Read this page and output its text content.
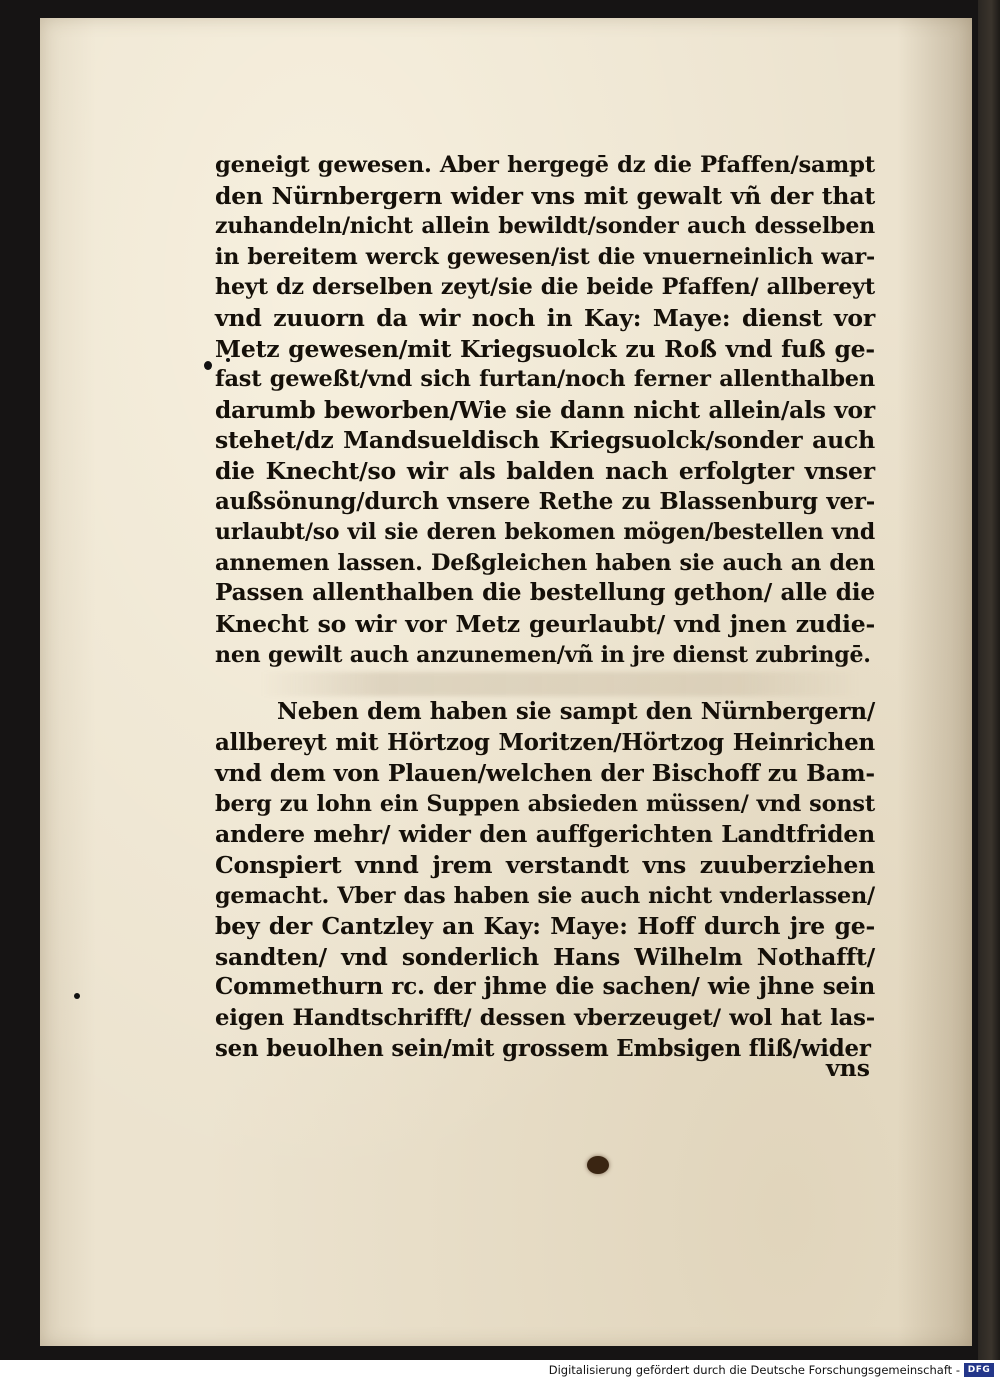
geneigt gewesen. Aber hergegē dz die Pfaffen/sampt
den Nürnbergern wider vns mit gewalt vñ der that
zuhandeln/nicht allein bewildt/sonder auch desselben
in bereitem werck gewesen/ist die vnuerneinlich war-
heyt dz derselben zeyt/sie die beide Pfaffen/ allbereyt
vnd zuuorn da wir noch in Kay: Maye: dienst vor
Metz gewesen/mit Kriegsuolck zu Roß vnd fuß ge-
fast geweßt/vnd sich furtan/noch ferner allenthalben
darumb beworben/Wie sie dann nicht allein/als vor
stehet/dz Mandsueldisch Kriegsuolck/sonder auch
die Knecht/so wir als balden nach erfolgter vnser
außsönung/durch vnsere Rethe zu Blassenburg ver-
urlaubt/so vil sie deren bekomen mögen/bestellen vnd
annemen lassen. Deßgleichen haben sie auch an den
Passen allenthalben die bestellung gethon/ alle die
Knecht so wir vor Metz geurlaubt/ vnd jnen zudie-
nen gewilt auch anzunemen/vñ in jre dienst zubringē.
Neben dem haben sie sampt den Nürnbergern/
allbereyt mit Hörtzog Moritzen/Hörtzog Heinrichen
vnd dem von Plauen/welchen der Bischoff zu Bam-
berg zu lohn ein Suppen absieden müssen/ vnd sonst
andere mehr/ wider den auffgerichten Landtfriden
Conspiert vnnd jrem verstandt vns zuuberziehen
gemacht. Vber das haben sie auch nicht vnderlassen/
bey der Cantzley an Kay: Maye: Hoff durch jre ge-
sandten/ vnd sonderlich Hans Wilhelm Nothafft/
Commethurn rc. der jhme die sachen/ wie jhne sein
eigen Handtschrifft/ dessen vberzeuget/ wol hat las-
sen beuolhen sein/mit grossem Embsigen fliß/wider
vns
Digitalisierung gefördert durch die Deutsche Forschungsgemeinschaft - DFG
